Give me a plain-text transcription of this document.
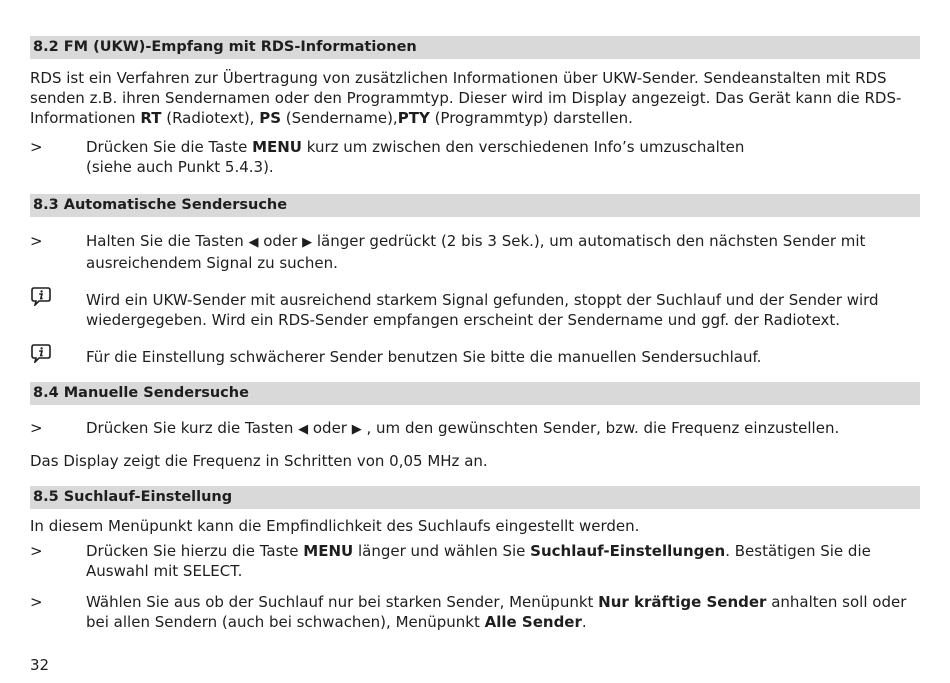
8.2 FM (UKW)-Empfang mit RDS-Informationen

RDS ist ein Verfahren zur Übertragung von zusätzlichen Informationen über UKW-Sender. Sendeanstalten mit RDS senden z.B. ihren Sendernamen oder den Programmtyp. Dieser wird im Display angezeigt. Das Gerät kann die RDS-Informationen RT (Radiotext), PS (Sendername),PTY (Programmtyp) darstellen.

>	Drücken Sie die Taste MENU kurz um zwischen den verschiedenen Info’s umzuschalten
(siehe auch Punkt 5.4.3).
8.3 Automatische Sendersuche
>	Halten Sie die Tasten ◀ oder ▶ länger gedrückt (2 bis 3 Sek.), um automatisch den nächsten Sender mit ausreichendem Signal zu suchen.
Wird ein UKW-Sender mit ausreichend starkem Signal gefunden, stoppt der Suchlauf und der Sender wird wiedergegeben. Wird ein RDS-Sender empfangen erscheint der Sendername und ggf. der Radiotext.
Für die Einstellung schwächerer Sender benutzen Sie bitte die manuellen Sendersuchlauf.
8.4 Manuelle Sendersuche
>	Drücken Sie kurz die Tasten ◀ oder ▶ , um den gewünschten Sender, bzw. die Frequenz einzustellen.

Das Display zeigt die Frequenz in Schritten von 0,05 MHz an.

8.5 Suchlauf-Einstellung

In diesem Menüpunkt kann die Empfindlichkeit des Suchlaufs eingestellt werden.

>	Drücken Sie hierzu die Taste MENU länger und wählen Sie Suchlauf-Einstellungen. Bestätigen Sie die Auswahl mit SELECT.
>	Wählen Sie aus ob der Suchlauf nur bei starken Sender, Menüpunkt Nur kräftige Sender anhalten soll oder bei allen Sendern (auch bei schwachen), Menüpunkt Alle Sender.
32
